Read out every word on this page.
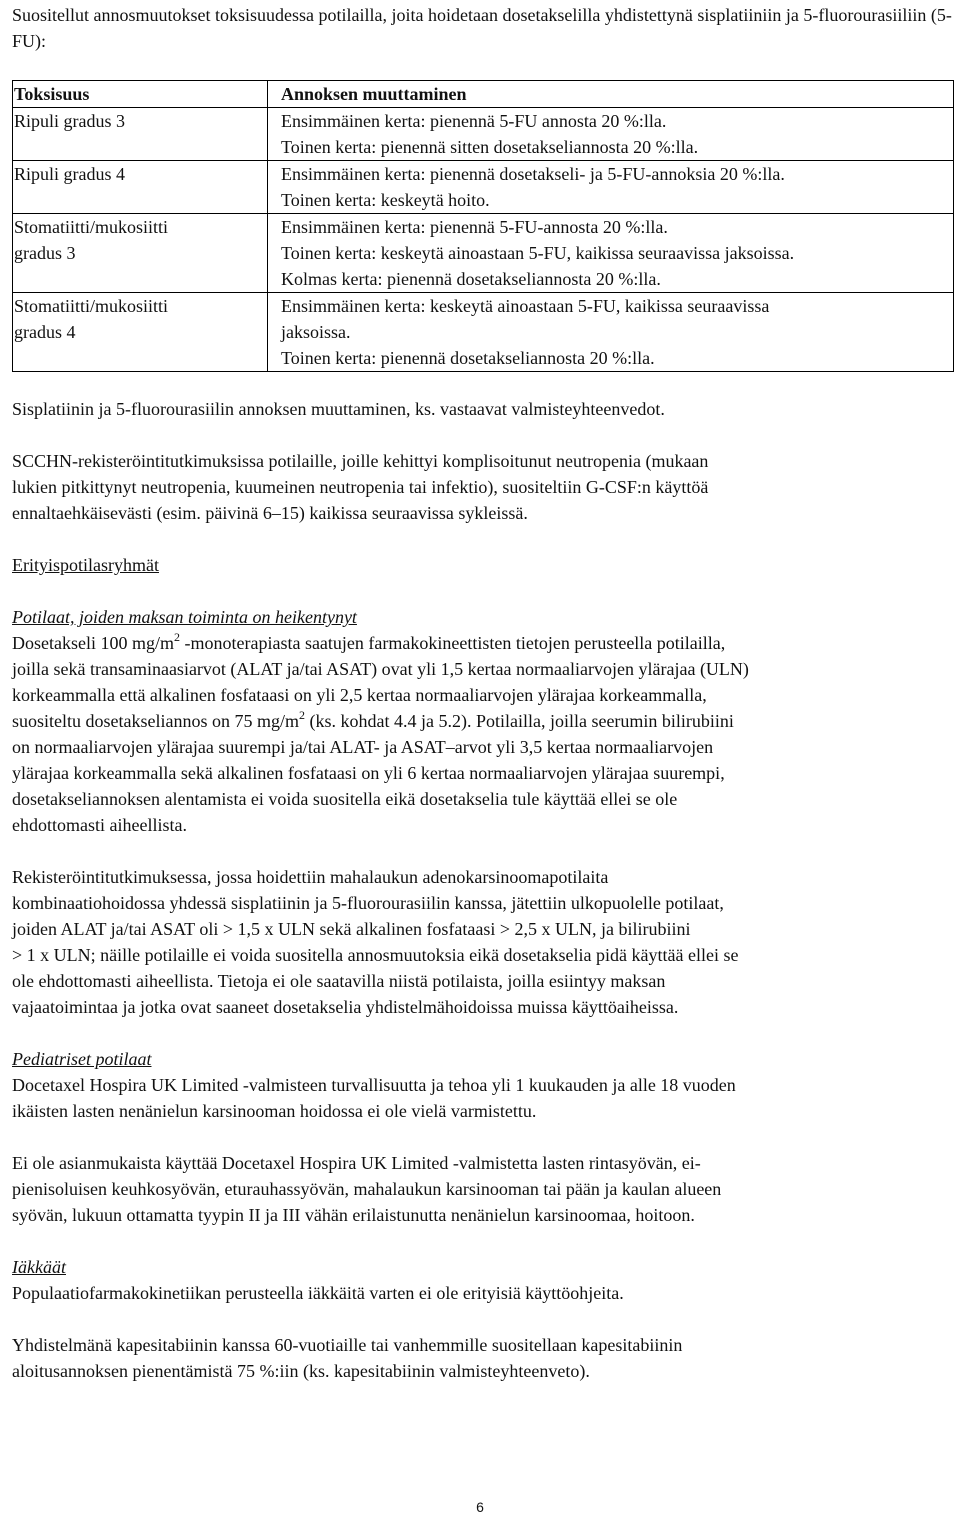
Suositellut annosmuutokset toksisuudessa potilailla, joita hoidetaan dosetakselilla yhdistettynä sisplatiiniin ja 5-fluorourasiiliin (5-FU):

Toksisuus	Annoksen muuttaminen

Ripuli gradus 3	Ensimmäinen kerta: pienennä 5-FU annosta 20 %:lla.
Toinen kerta: pienennä sitten dosetakseliannosta 20 %:lla.

Ripuli gradus 4	Ensimmäinen kerta: pienennä dosetakseli- ja 5-FU-annoksia 20 %:lla.
Toinen kerta: keskeytä hoito.

Stomatiitti/mukosiitti
gradus 3	Ensimmäinen kerta: pienennä 5-FU-annosta 20 %:lla.
Toinen kerta: keskeytä ainoastaan 5-FU, kaikissa seuraavissa jaksoissa.
Kolmas kerta: pienennä dosetakseliannosta 20 %:lla.

Stomatiitti/mukosiitti
gradus 4	Ensimmäinen kerta: keskeytä ainoastaan 5-FU, kaikissa seuraavissa
jaksoissa.
Toinen kerta: pienennä dosetakseliannosta 20 %:lla.

Sisplatiinin ja 5-fluorourasiilin annoksen muuttaminen, ks. vastaavat valmisteyhteenvedot.

SCCHN-rekisteröintitutkimuksissa potilaille, joille kehittyi komplisoitunut neutropenia (mukaan
lukien pitkittynyt neutropenia, kuumeinen neutropenia tai infektio), suositeltiin G-CSF:n käyttöä
ennaltaehkäisevästi (esim. päivinä 6–15) kaikissa seuraavissa sykleissä.

Erityispotilasryhmät

Potilaat, joiden maksan toiminta on heikentynyt

Dosetakseli 100 $mg/m^2$ -monoterapiasta saatujen farmakokineettisten tietojen perusteella potilailla,
joilla sekä transaminaasiarvot (ALAT ja/tai ASAT) ovat yli 1,5 kertaa normaaliarvojen ylärajaa (ULN)
korkeammalla että alkalinen fosfataasi on yli 2,5 kertaa normaaliarvojen ylärajaa korkeammalla,
suositeltu dosetakseliannos on 75 $mg/m^2$ (ks. kohdat 4.4 ja 5.2). Potilailla, joilla seerumin bilirubiini
on normaaliarvojen ylärajaa suurempi ja/tai ALAT- ja ASAT–arvot yli 3,5 kertaa normaaliarvojen
ylärajaa korkeammalla sekä alkalinen fosfataasi on yli 6 kertaa normaaliarvojen ylärajaa suurempi,
dosetakseliannoksen alentamista ei voida suositella eikä dosetakselia tule käyttää ellei se ole
ehdottomasti aiheellista.

Rekisteröintitutkimuksessa, jossa hoidettiin mahalaukun adenokarsinoomapotilaita
kombinaatiohoidossa yhdessä sisplatiinin ja 5-fluorourasiilin kanssa, jätettiin ulkopuolelle potilaat,
joiden ALAT ja/tai ASAT oli > 1,5 x ULN sekä alkalinen fosfataasi > 2,5 x ULN, ja bilirubiini
> 1 x ULN; näille potilaille ei voida suositella annosmuutoksia eikä dosetakselia pidä käyttää ellei se
ole ehdottomasti aiheellista. Tietoja ei ole saatavilla niistä potilaista, joilla esiintyy maksan
vajaatoimintaa ja jotka ovat saaneet dosetakselia yhdistelmähoidoissa muissa käyttöaiheissa.

Pediatriset potilaat
Docetaxel Hospira UK Limited -valmisteen turvallisuutta ja tehoa yli 1 kuukauden ja alle 18 vuoden
ikäisten lasten nenänielun karsinooman hoidossa ei ole vielä varmistettu.

Ei ole asianmukaista käyttää Docetaxel Hospira UK Limited -valmistetta lasten rintasyövän, ei-
pienisoluisen keuhkosyövän, eturauhassyövän, mahalaukun karsinooman tai pään ja kaulan alueen
syövän, lukuun ottamatta tyypin II ja III vähän erilaistunutta nenänielun karsinoomaa, hoitoon.

Iäkkäät
Populaatiofarmakokinetiikan perusteella iäkkäitä varten ei ole erityisiä käyttöohjeita.

Yhdistelmänä kapesitabiinin kanssa 60-vuotiaille tai vanhemmille suositellaan kapesitabiinin
aloitusannoksen pienentämistä 75 %:iin (ks. kapesitabiinin valmisteyhteenveto).

6
